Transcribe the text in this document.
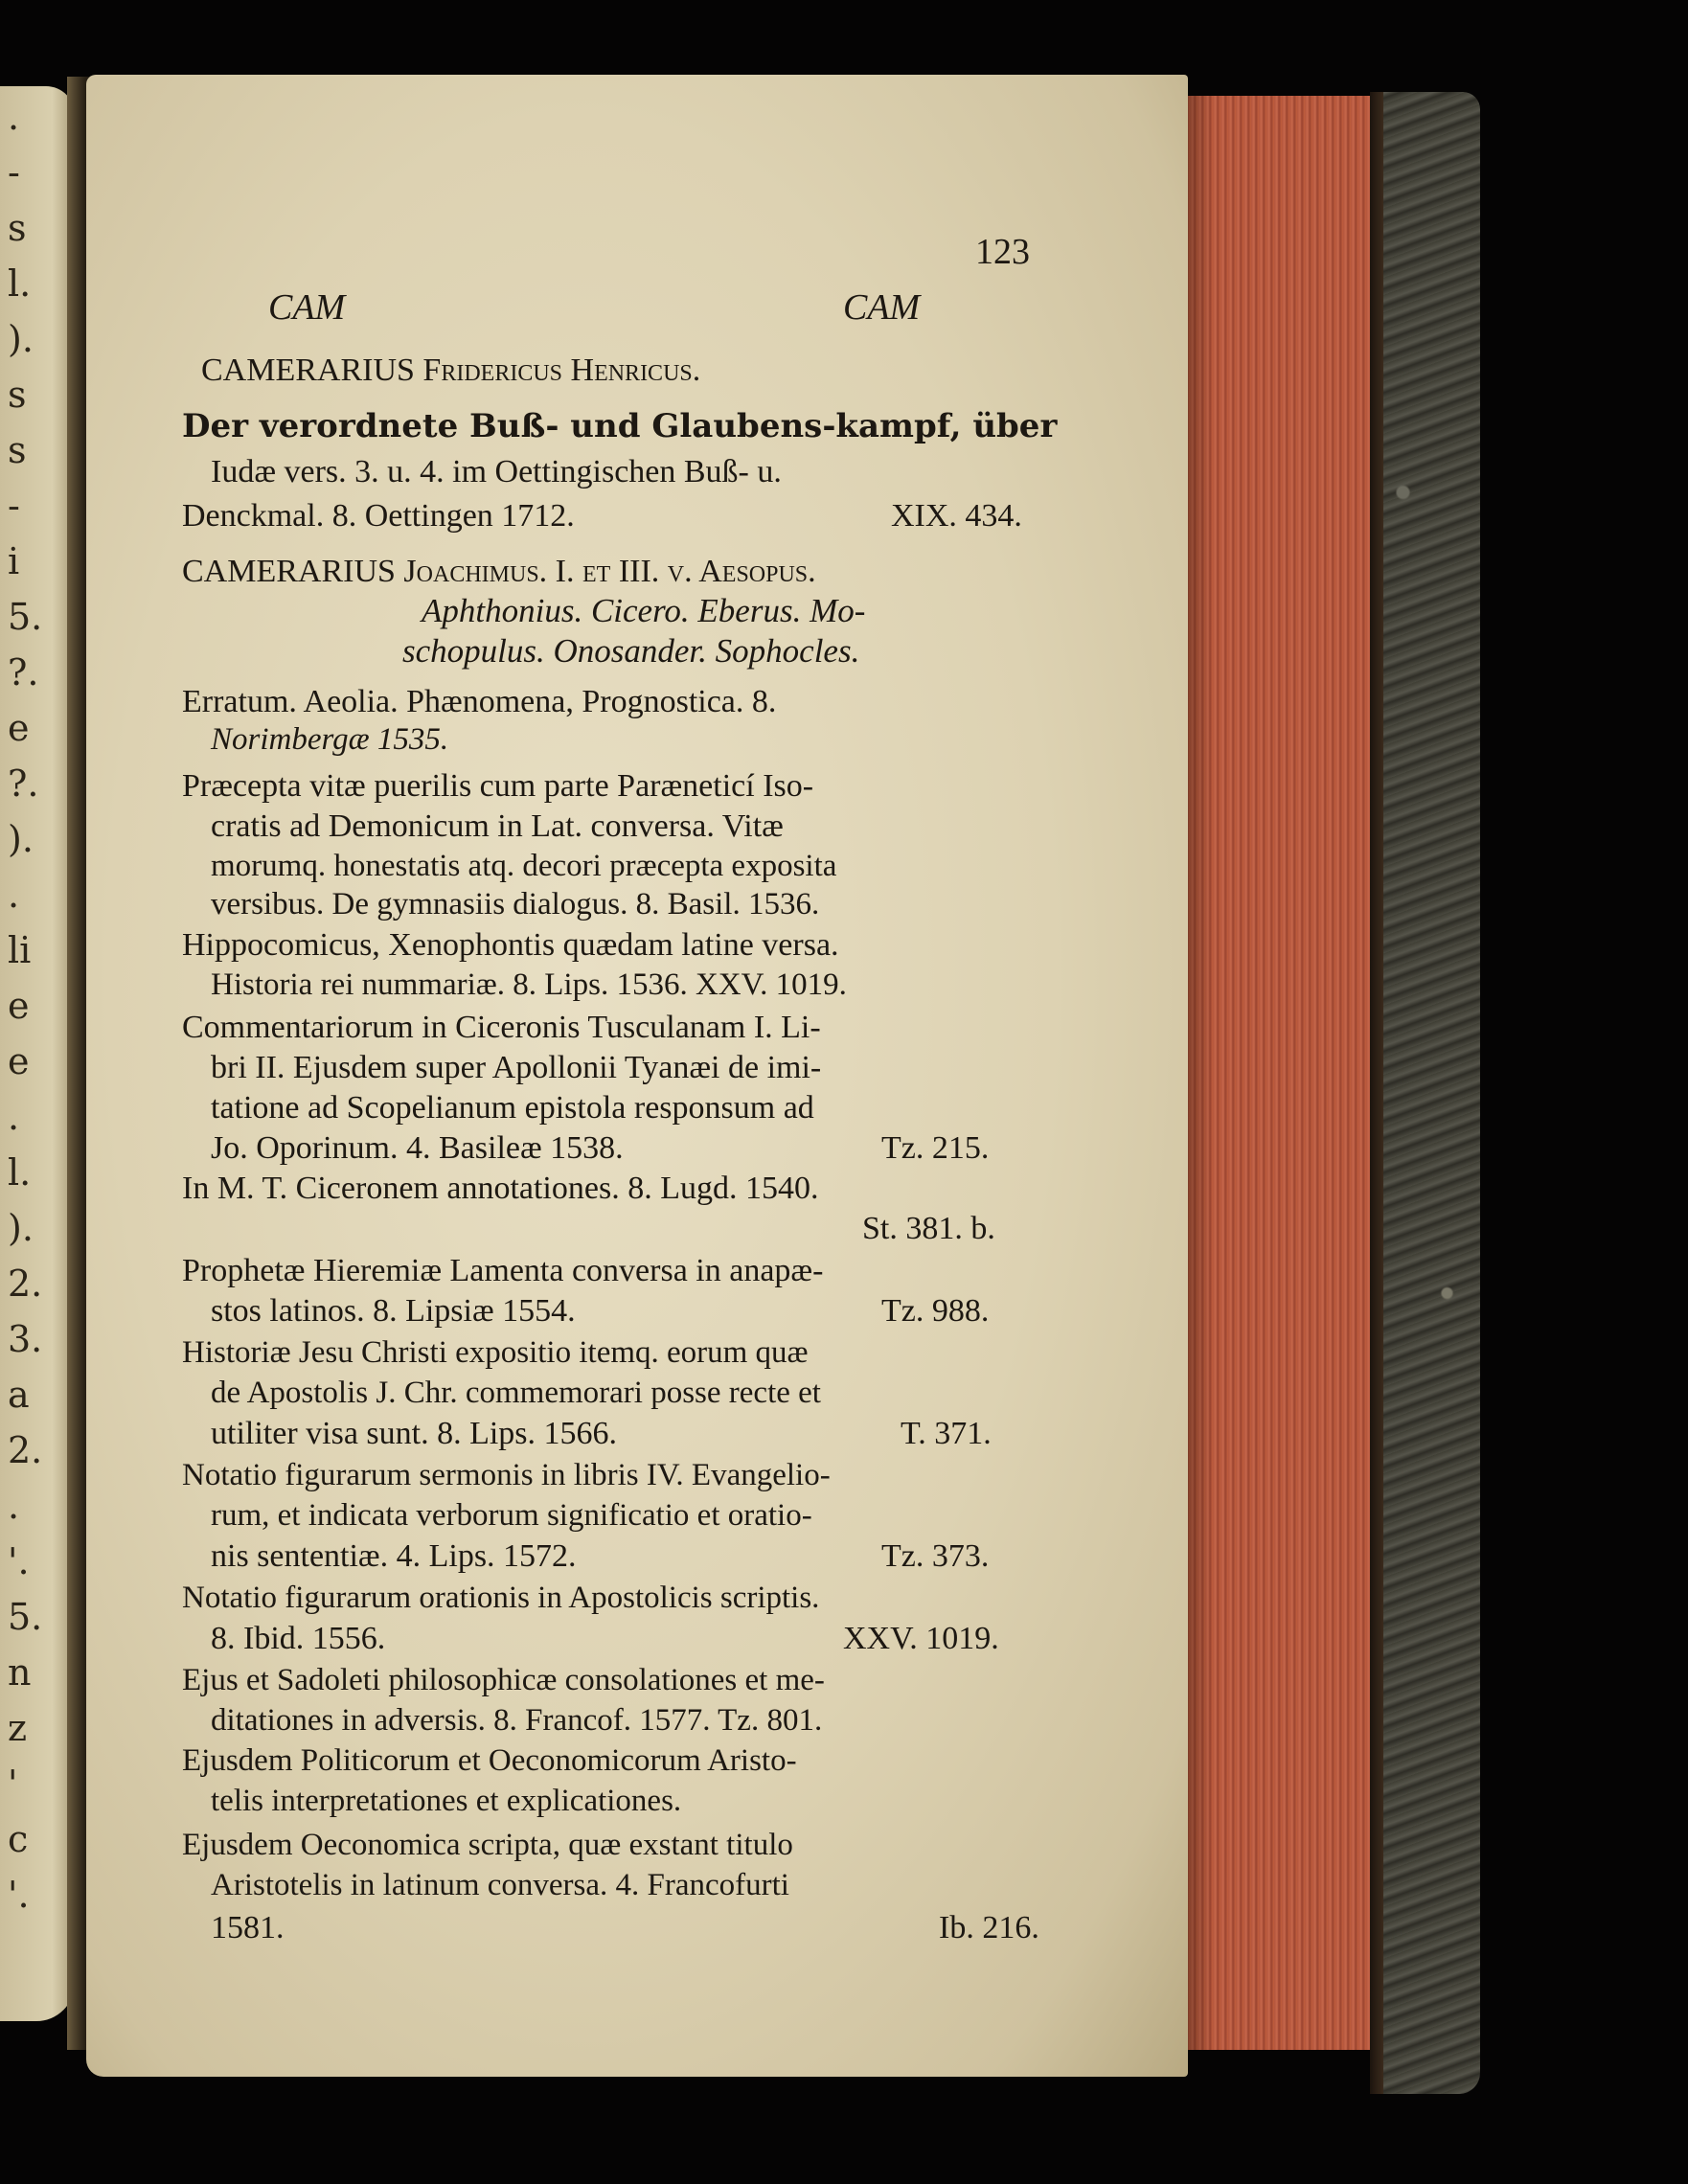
.
-
s
l.
).
s
s
-
i
5.
?.
e
?.
).
.
li
e
e
.
l.
).
2.
3.
a
2.
.
'.
5.
n
z
'
c
'.
123
CAM	CAM
CAMERARIUS Fridericus Henricus.
Der verordnete Buß- und Glaubens-kampf, über
Iudæ vers. 3. u. 4. im Oettingischen Buß- u.
Denckmal. 8. Oettingen 1712.	XIX. 434.
CAMERARIUS Joachimus. I. et III. v. Aesopus.
Aphthonius. Cicero. Eberus. Mo-
schopulus. Onosander. Sophocles.
Erratum. Aeolia. Phænomena, Prognostica. 8.
Norimbergæ 1535.
Præcepta vitæ puerilis cum parte Paræneticí Iso-
cratis ad Demonicum in Lat. conversa. Vitæ
morumq. honestatis atq. decori præcepta exposita
versibus. De gymnasiis dialogus. 8. Basil. 1536.
Hippocomicus, Xenophontis quædam latine versa.
Historia rei nummariæ. 8. Lips. 1536. XXV. 1019.
Commentariorum in Ciceronis Tusculanam I. Li-
bri II. Ejusdem super Apollonii Tyanæi de imi-
tatione ad Scopelianum epistola responsum ad
Jo. Oporinum. 4. Basileæ 1538.	Tz. 215.
In M. T. Ciceronem annotationes. 8. Lugd. 1540.
St. 381. b.
Prophetæ Hieremiæ Lamenta conversa in anapæ-
stos latinos. 8. Lipsiæ 1554.	Tz. 988.
Historiæ Jesu Christi expositio itemq. eorum quæ
de Apostolis J. Chr. commemorari posse recte et
utiliter visa sunt. 8. Lips. 1566.	T. 371.
Notatio figurarum sermonis in libris IV. Evangelio-
rum, et indicata verborum significatio et oratio-
nis sententiæ. 4. Lips. 1572.	Tz. 373.
Notatio figurarum orationis in Apostolicis scriptis.
8. Ibid. 1556.	XXV. 1019.
Ejus et Sadoleti philosophicæ consolationes et me-
ditationes in adversis. 8. Francof. 1577. Tz. 801.
Ejusdem Politicorum et Oeconomicorum Aristo-
telis interpretationes et explicationes.
Ejusdem Oeconomica scripta, quæ exstant titulo
Aristotelis in latinum conversa. 4. Francofurti
1581.	Ib. 216.
